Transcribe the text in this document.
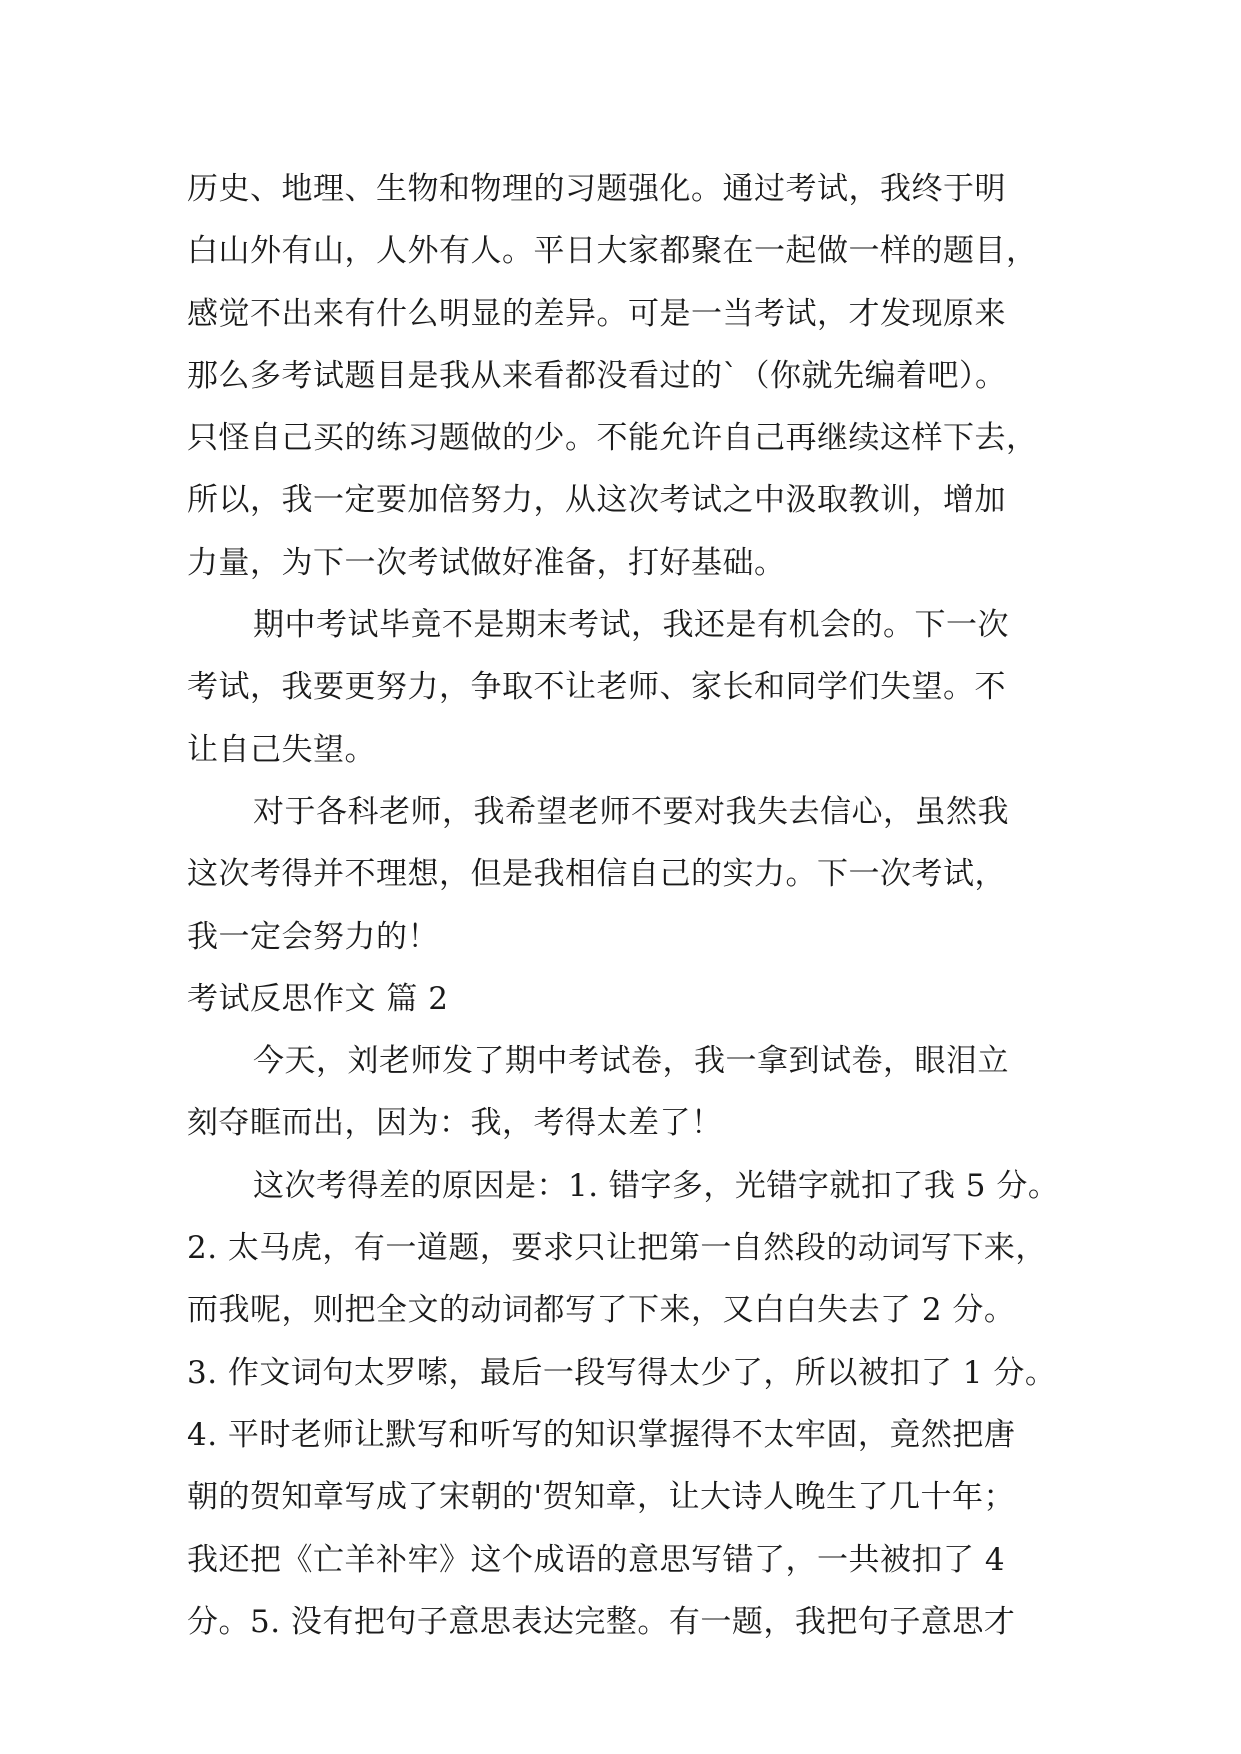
历史、地理、生物和物理的习题强化。通过考试，我终于明
白山外有山，人外有人。平日大家都聚在一起做一样的题目，
感觉不出来有什么明显的差异。可是一当考试，才发现原来
那么多考试题目是我从来看都没看过的`（你就先编着吧）。
只怪自己买的练习题做的少。不能允许自己再继续这样下去，
所以，我一定要加倍努力，从这次考试之中汲取教训，增加
力量，为下一次考试做好准备，打好基础。
期中考试毕竟不是期末考试，我还是有机会的。下一次
考试，我要更努力，争取不让老师、家长和同学们失望。不
让自己失望。
对于各科老师，我希望老师不要对我失去信心，虽然我
这次考得并不理想，但是我相信自己的实力。下一次考试，
我一定会努力的！
考试反思作文 篇 2
今天，刘老师发了期中考试卷，我一拿到试卷，眼泪立
刻夺眶而出，因为：我，考得太差了！
这次考得差的原因是：1. 错字多，光错字就扣了我 5 分。
2. 太马虎，有一道题，要求只让把第一自然段的动词写下来，
而我呢，则把全文的动词都写了下来，又白白失去了 2 分。
3. 作文词句太罗嗦，最后一段写得太少了，所以被扣了 1 分。
4. 平时老师让默写和听写的知识掌握得不太牢固，竟然把唐
朝的贺知章写成了宋朝的'贺知章，让大诗人晚生了几十年；
我还把《亡羊补牢》这个成语的意思写错了，一共被扣了 4
分。5. 没有把句子意思表达完整。有一题，我把句子意思才
